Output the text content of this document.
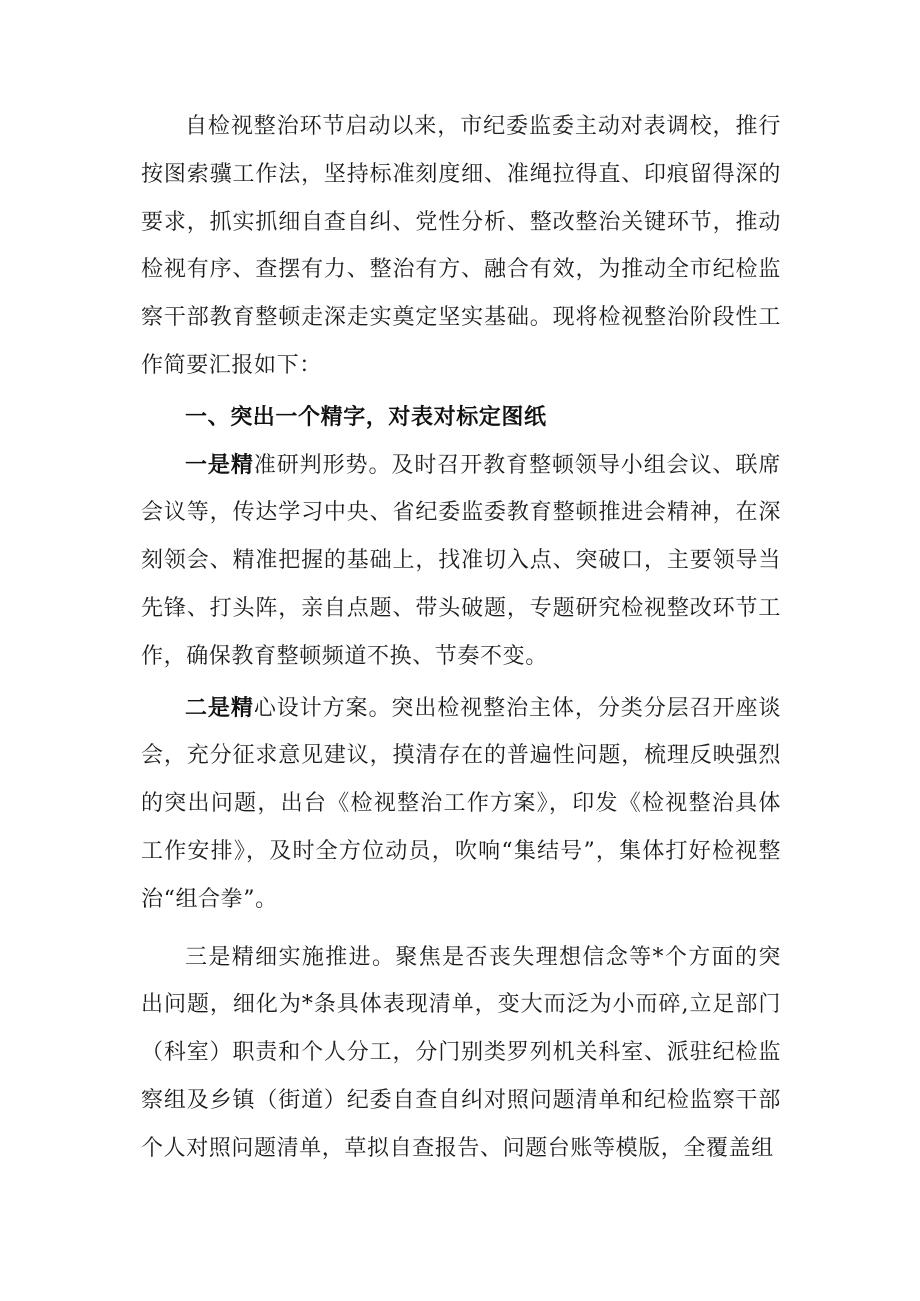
自检视整治环节启动以来，市纪委监委主动对表调校，推行按图索骥工作法，坚持标准刻度细、准绳拉得直、印痕留得深的要求，抓实抓细自查自纠、党性分析、整改整治关键环节，推动检视有序、查摆有力、整治有方、融合有效，为推动全市纪检监察干部教育整顿走深走实奠定坚实基础。现将检视整治阶段性工作简要汇报如下：

一、突出一个精字，对表对标定图纸

一是精准研判形势。及时召开教育整顿领导小组会议、联席会议等，传达学习中央、省纪委监委教育整顿推进会精神，在深刻领会、精准把握的基础上，找准切入点、突破口，主要领导当先锋、打头阵，亲自点题、带头破题，专题研究检视整改环节工作，确保教育整顿频道不换、节奏不变。

二是精心设计方案。突出检视整治主体，分类分层召开座谈会，充分征求意见建议，摸清存在的普遍性问题，梳理反映强烈的突出问题，出台《检视整治工作方案》，印发《检视整治具体工作安排》，及时全方位动员，吹响“集结号”，集体打好检视整治“组合拳”。

三是精细实施推进。聚焦是否丧失理想信念等*个方面的突出问题，细化为*条具体表现清单，变大而泛为小而碎,立足部门（科室）职责和个人分工，分门别类罗列机关科室、派驻纪检监察组及乡镇（街道）纪委自查自纠对照问题清单和纪检监察干部个人对照问题清单，草拟自查报告、问题台账等模版，全覆盖组
